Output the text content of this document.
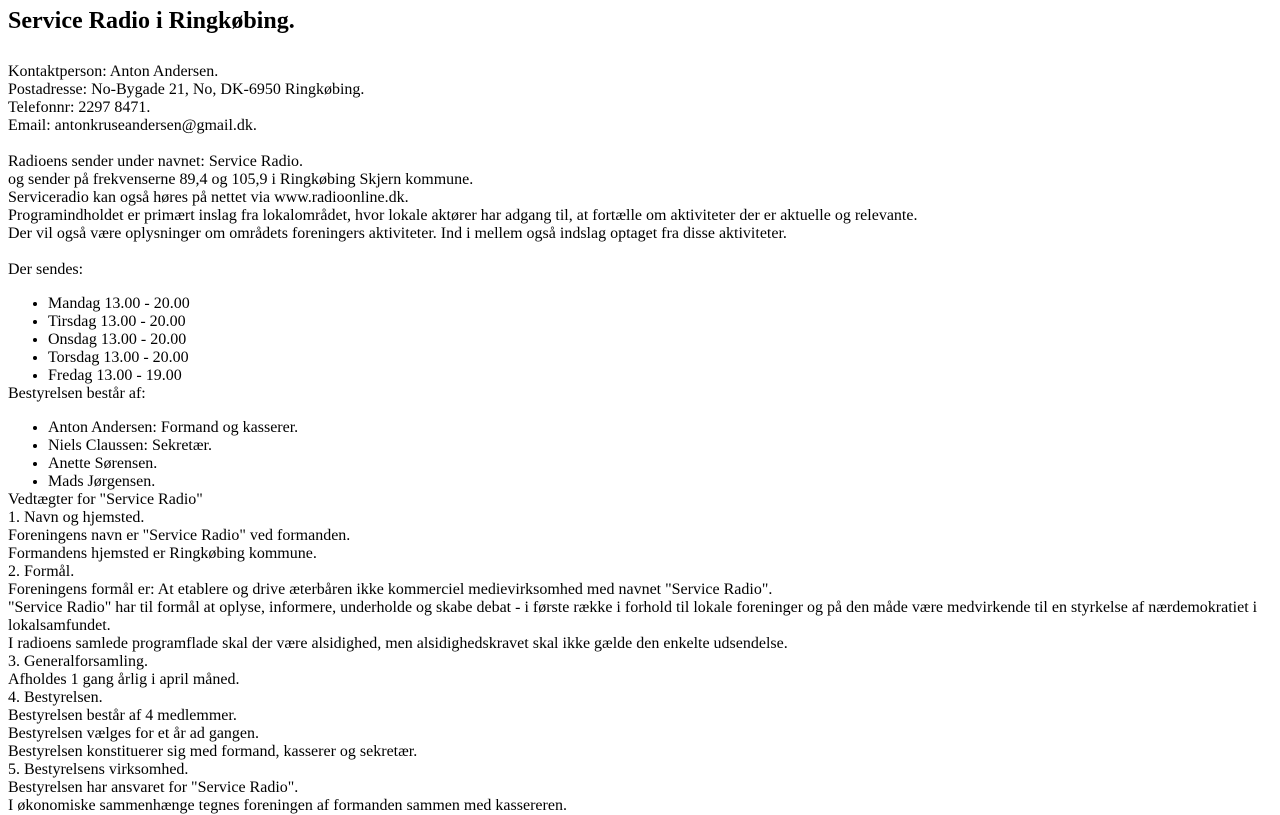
Service Radio i Ringkøbing.
Kontaktperson: Anton Andersen.
Postadresse: No-Bygade 21, No, DK-6950 Ringkøbing.
Telefonnr: 2297 8471.
Email: antonkruseandersen@gmail.dk.
Radioens sender under navnet: Service Radio.
og sender på frekvenserne 89,4 og 105,9 i Ringkøbing Skjern kommune.
Serviceradio kan også høres på nettet via www.radioonline.dk.
Programindholdet er primært inslag fra lokalområdet, hvor lokale aktører har adgang til, at fortælle om aktiviteter der er aktuelle og relevante.
Der vil også være oplysninger om områdets foreningers aktiviteter. Ind i mellem også indslag optaget fra disse aktiviteter.
Der sendes:
• Mandag 13.00 - 20.00
• Tirsdag 13.00 - 20.00
• Onsdag 13.00 - 20.00
• Torsdag 13.00 - 20.00
• Fredag 13.00 - 19.00
Bestyrelsen består af:
• Anton Andersen: Formand og kasserer.
• Niels Claussen: Sekretær.
• Anette Sørensen.
• Mads Jørgensen.
Vedtægter for "Service Radio"
1. Navn og hjemsted.
Foreningens navn er "Service Radio" ved formanden.
Formandens hjemsted er Ringkøbing kommune.
2. Formål.
Foreningens formål er: At etablere og drive æterbåren ikke kommerciel medievirksomhed med navnet "Service Radio".
"Service Radio" har til formål at oplyse, informere, underholde og skabe debat - i første række i forhold til lokale foreninger og på den måde være medvirkende til en styrkelse af nærdemokratiet i lokalsamfundet.
I radioens samlede programflade skal der være alsidighed, men alsidighedskravet skal ikke gælde den enkelte udsendelse.
3. Generalforsamling.
Afholdes 1 gang årlig i april måned.
4. Bestyrelsen.
Bestyrelsen består af 4 medlemmer.
Bestyrelsen vælges for et år ad gangen.
Bestyrelsen konstituerer sig med formand, kasserer og sekretær.
5. Bestyrelsens virksomhed.
Bestyrelsen har ansvaret for "Service Radio".
I økonomiske sammenhænge tegnes foreningen af formanden sammen med kassereren.
